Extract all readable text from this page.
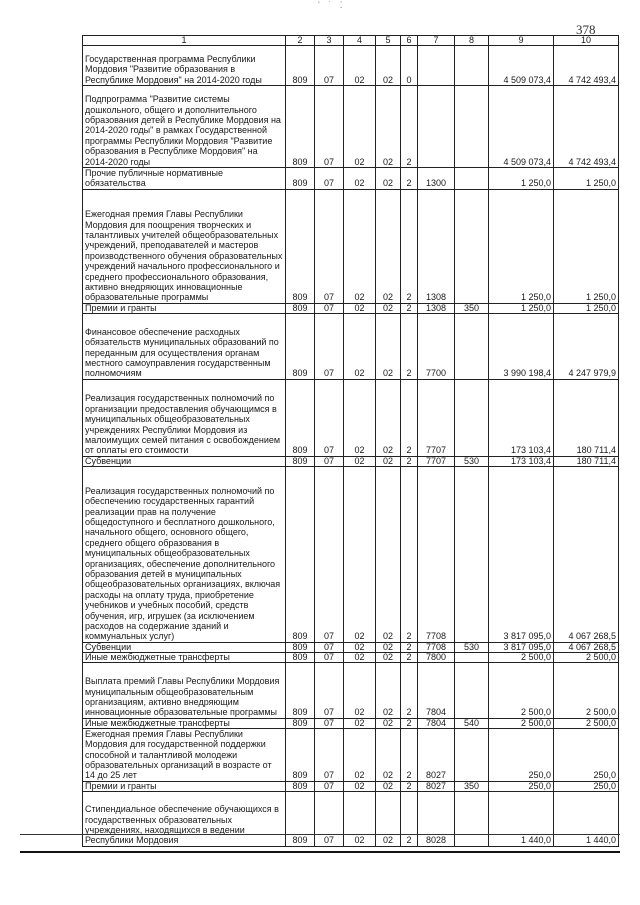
ʹ ˙ ⁚
378
1	2	3	4	5	6	7	8	9	10
Государственная программа Республики Мордовия "Развитие образования в Республике Мордовия" на 2014-2020 годы	809	07	02	02	0			4 509 073,4	4 742 493,4
Подпрограмма "Развитие системы дошкольного, общего и дополнительного образования детей в Республике Мордовия на 2014-2020 годы" в рамках Государственной программы Республики Мордовия "Развитие образования в Республике Мордовия" на 2014-2020 годы	809	07	02	02	2			4 509 073,4	4 742 493,4
Прочие публичные нормативные обязательства	809	07	02	02	2	1300		1 250,0	1 250,0
Ежегодная премия Главы Республики Мордовия для поощрения творческих и талантливых учителей общеобразовательных учреждений, преподавателей и мастеров производственного обучения образовательных учреждений начального профессионального и среднего профессионального образования, активно внедряющих инновационные образовательные программы	809	07	02	02	2	1308		1 250,0	1 250,0
Премии и гранты	809	07	02	02	2	1308	350	1 250,0	1 250,0
Финансовое обеспечение расходных обязательств муниципальных образований по переданным для осуществления органам местного самоуправления государственным полномочиям	809	07	02	02	2	7700		3 990 198,4	4 247 979,9
Реализация государственных полномочий по организации предоставления обучающимся в муниципальных общеобразовательных учреждениях Республики Мордовия из малоимущих семей питания с освобождением от оплаты его стоимости	809	07	02	02	2	7707		173 103,4	180 711,4
Субвенции	809	07	02	02	2	7707	530	173 103,4	180 711,4
Реализация государственных полномочий по обеспечению государственных гарантий реализации прав на получение общедоступного и бесплатного дошкольного, начального общего, основного общего, среднего общего образования в муниципальных общеобразовательных организациях, обеспечение дополнительного образования детей в муниципальных общеобразовательных организациях, включая расходы на оплату труда, приобретение учебников и учебных пособий, средств обучения, игр, игрушек (за исключением расходов на содержание зданий и коммунальных услуг)	809	07	02	02	2	7708		3 817 095,0	4 067 268,5
Субвенции	809	07	02	02	2	7708	530	3 817 095,0	4 067 268,5
Иные межбюджетные трансферты	809	07	02	02	2	7800		2 500,0	2 500,0
Выплата премий Главы Республики Мордовия муниципальным общеобразовательным организациям, активно внедряющим инновационные образовательные программы	809	07	02	02	2	7804		2 500,0	2 500,0
Иные межбюджетные трансферты	809	07	02	02	2	7804	540	2 500,0	2 500,0
Ежегодная премия Главы Республики Мордовия для государственной поддержки способной и талантливой молодежи образовательных организаций в возрасте от 14 до 25 лет	809	07	02	02	2	8027		250,0	250,0
Премии и гранты	809	07	02	02	2	8027	350	250,0	250,0
Стипендиальное обеспечение обучающихся в государственных образовательных учреждениях, находящихся в ведении Республики Мордовия	809	07	02	02	2	8028		1 440,0	1 440,0
